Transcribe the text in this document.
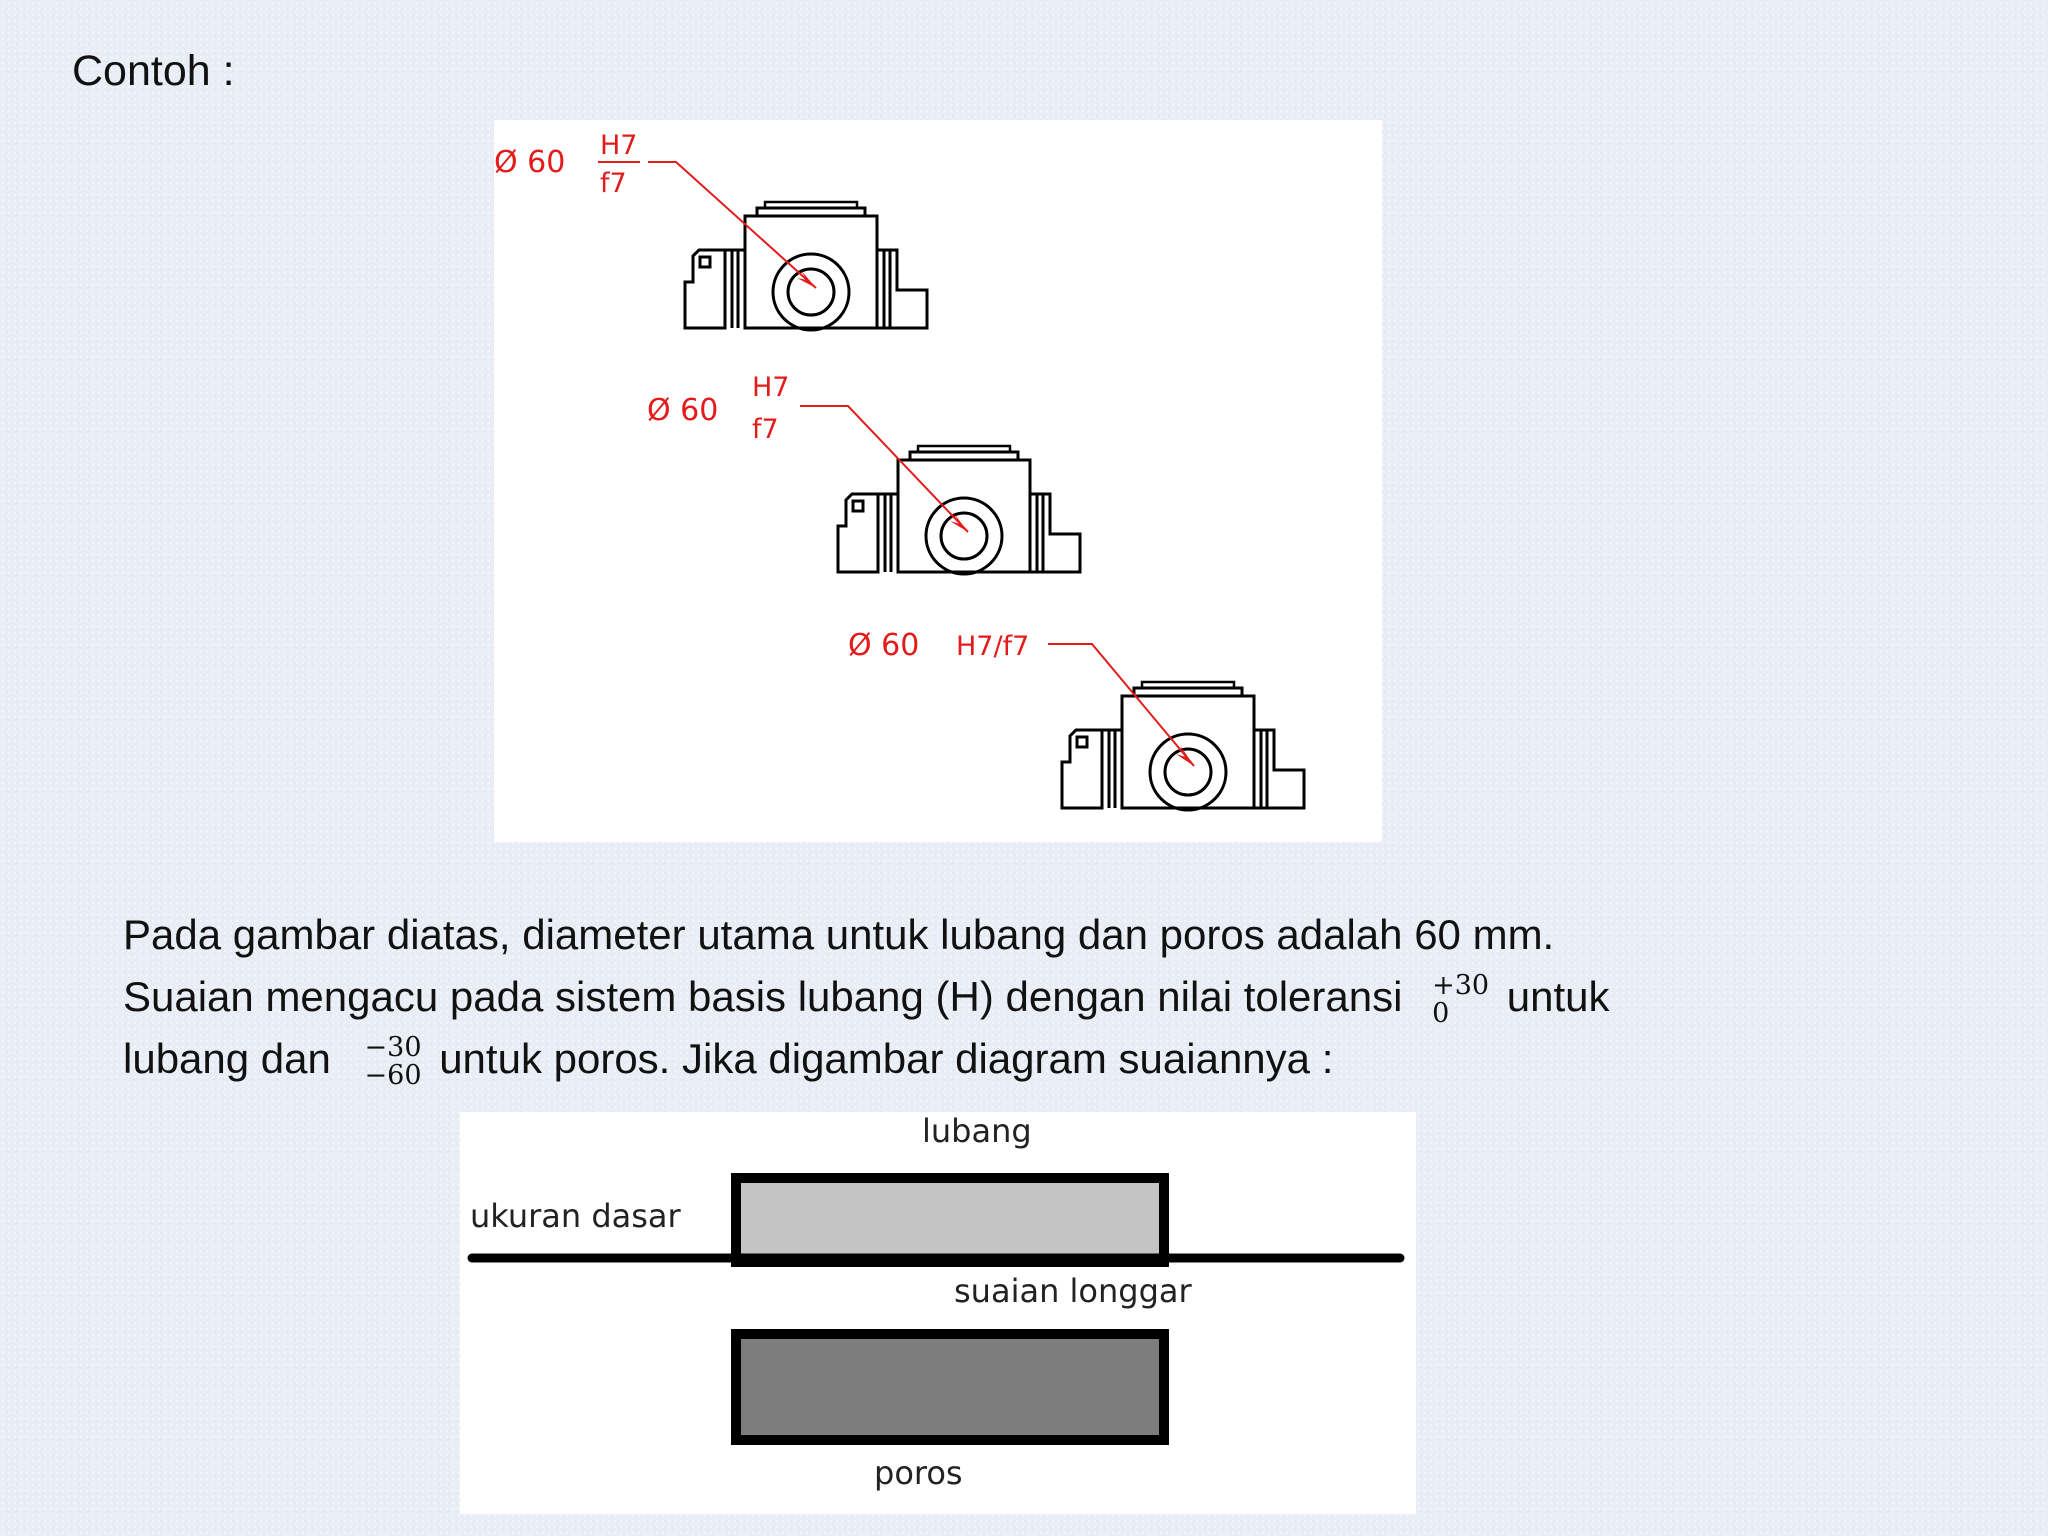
Contoh :
Ø 60 H7
f7
Ø 60
H7
f7
Ø 60 H7/f7
Pada gambar diatas, diameter utama untuk lubang dan poros adalah 60 mm.
Suaian mengacu pada sistem basis lubang (H) dengan nilai toleransi +30
0	untuk
lubang dan −30
−60 untuk poros. Jika digambar diagram suaiannya :
lubang
ukuran dasar
suaian longgar
poros
